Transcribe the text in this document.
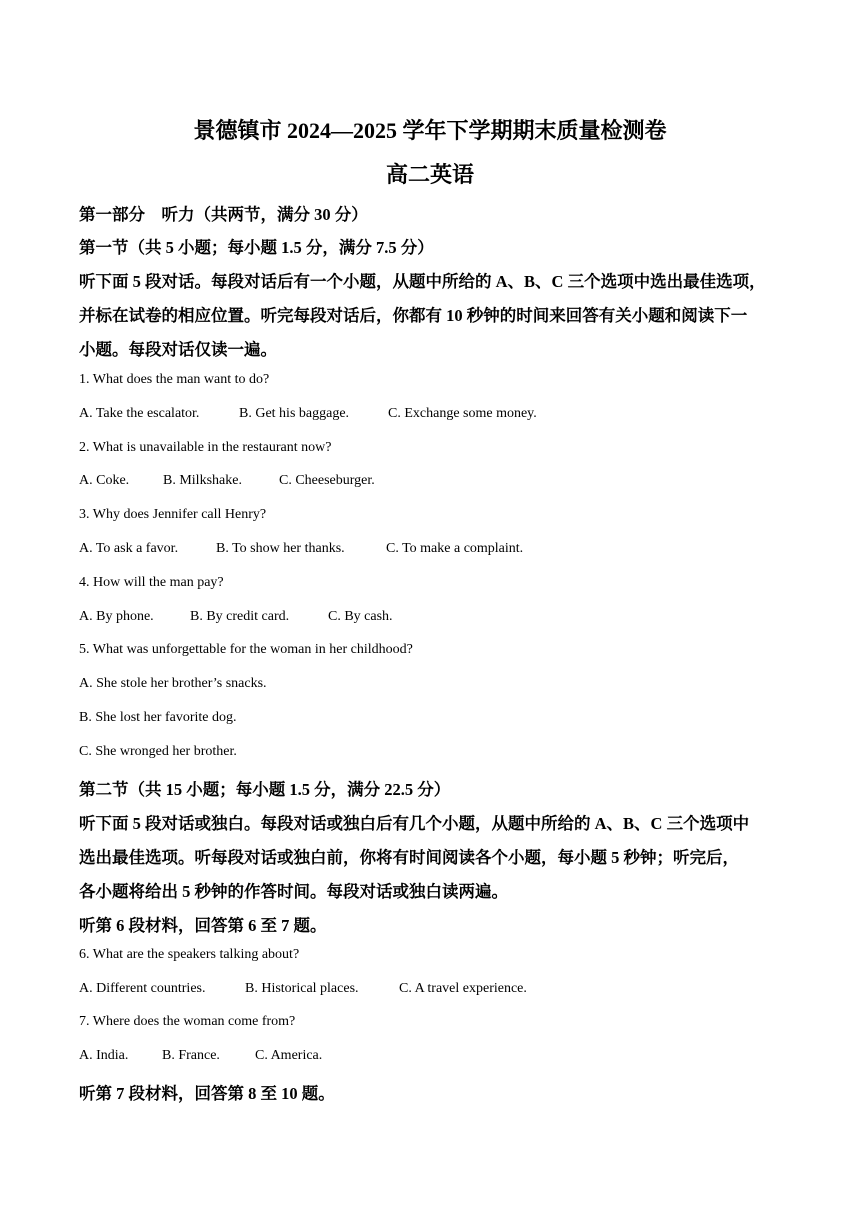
景德镇市 2024—2025 学年下学期期末质量检测卷
高二英语
第一部分　听力（共两节，满分 30 分）
第一节（共 5 小题；每小题 1.5 分，满分 7.5 分）
听下面 5 段对话。每段对话后有一个小题，从题中所给的 A、B、C 三个选项中选出最佳选项，
并标在试卷的相应位置。听完每段对话后，你都有 10 秒钟的时间来回答有关小题和阅读下一
小题。每段对话仅读一遍。
1. What does the man want to do?
A. Take the escalator.	B. Get his baggage.	C. Exchange some money.
2. What is unavailable in the restaurant now?
A. Coke. B. Milkshake.	C. Cheeseburger.
3. Why does Jennifer call Henry?
A. To ask a favor.	B. To show her thanks.	C. To make a complaint.
4. How will the man pay?
A. By phone.	B. By credit card.	C. By cash.
5. What was unforgettable for the woman in her childhood?
A. She stole her brother’s snacks.
B. She lost her favorite dog.
C. She wronged her brother.
第二节（共 15 小题；每小题 1.5 分，满分 22.5 分）
听下面 5 段对话或独白。每段对话或独白后有几个小题，从题中所给的 A、B、C 三个选项中
选出最佳选项。听每段对话或独白前，你将有时间阅读各个小题，每小题 5 秒钟；听完后，
各小题将给出 5 秒钟的作答时间。每段对话或独白读两遍。
听第 6 段材料，回答第 6 至 7 题。
6. What are the speakers talking about?
A. Different countries.	B. Historical places.	C. A travel experience.
7. Where does the woman come from?
A. India. B. France.	C. America.
听第 7 段材料，回答第 8 至 10 题。
